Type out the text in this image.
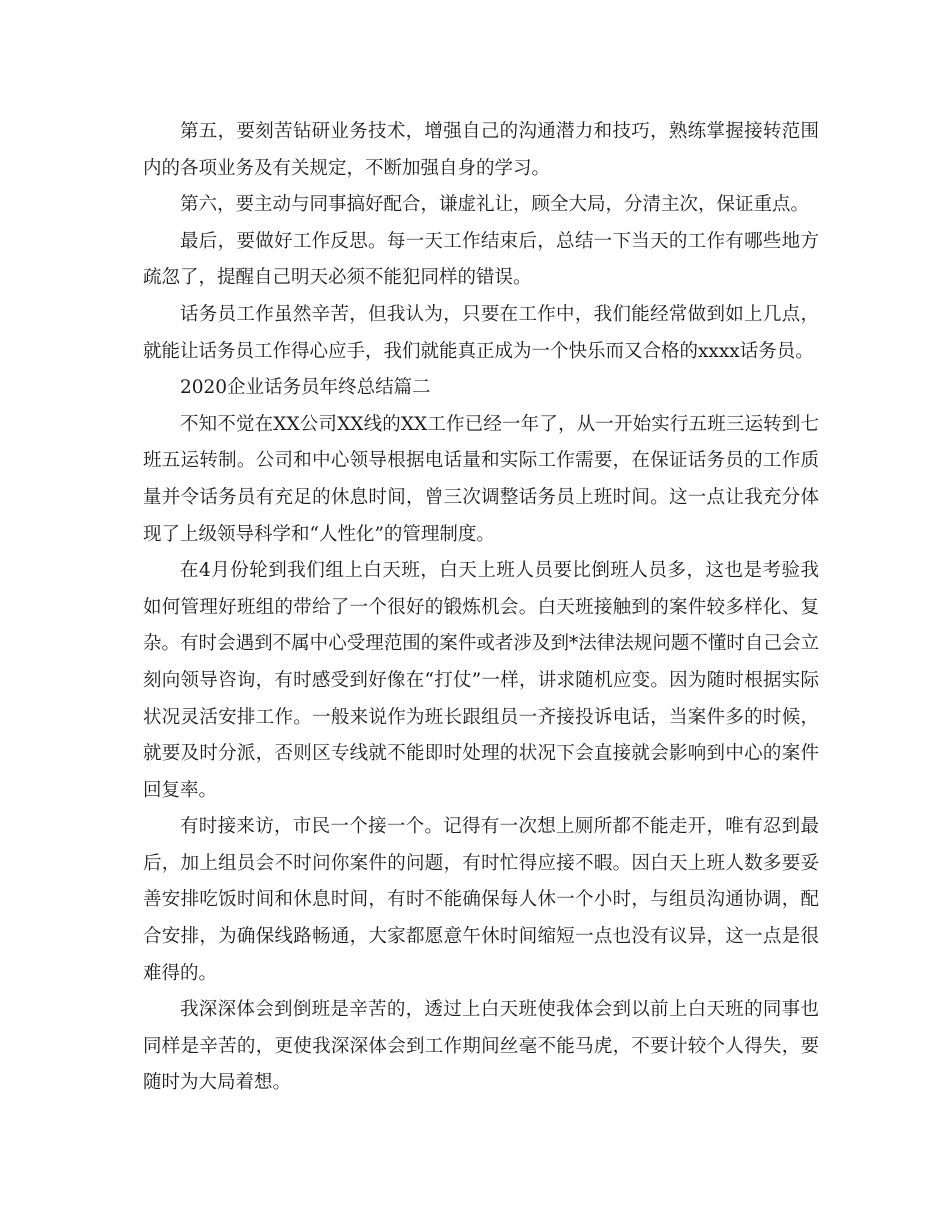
第五，要刻苦钻研业务技术，增强自己的沟通潜力和技巧，熟练掌握接转范围内的各项业务及有关规定，不断加强自身的学习。

第六，要主动与同事搞好配合，谦虚礼让，顾全大局，分清主次，保证重点。

最后，要做好工作反思。每一天工作结束后，总结一下当天的工作有哪些地方疏忽了，提醒自己明天必须不能犯同样的错误。

话务员工作虽然辛苦，但我认为，只要在工作中，我们能经常做到如上几点，就能让话务员工作得心应手，我们就能真正成为一个快乐而又合格的xxxx话务员。

2020企业话务员年终总结篇二

不知不觉在XX公司XX线的XX工作已经一年了，从一开始实行五班三运转到七班五运转制。公司和中心领导根据电话量和实际工作需要，在保证话务员的工作质量并令话务员有充足的休息时间，曾三次调整话务员上班时间。这一点让我充分体现了上级领导科学和“人性化”的管理制度。

在4月份轮到我们组上白天班，白天上班人员要比倒班人员多，这也是考验我如何管理好班组的带给了一个很好的锻炼机会。白天班接触到的案件较多样化、复杂。有时会遇到不属中心受理范围的案件或者涉及到*法律法规问题不懂时自己会立刻向领导咨询，有时感受到好像在“打仗”一样，讲求随机应变。因为随时根据实际状况灵活安排工作。一般来说作为班长跟组员一齐接投诉电话，当案件多的时候，就要及时分派，否则区专线就不能即时处理的状况下会直接就会影响到中心的案件回复率。

有时接来访，市民一个接一个。记得有一次想上厕所都不能走开，唯有忍到最后，加上组员会不时问你案件的问题，有时忙得应接不暇。因白天上班人数多要妥善安排吃饭时间和休息时间，有时不能确保每人休一个小时，与组员沟通协调，配合安排，为确保线路畅通，大家都愿意午休时间缩短一点也没有议异，这一点是很难得的。

我深深体会到倒班是辛苦的，透过上白天班使我体会到以前上白天班的同事也同样是辛苦的，更使我深深体会到工作期间丝毫不能马虎，不要计较个人得失，要随时为大局着想。
